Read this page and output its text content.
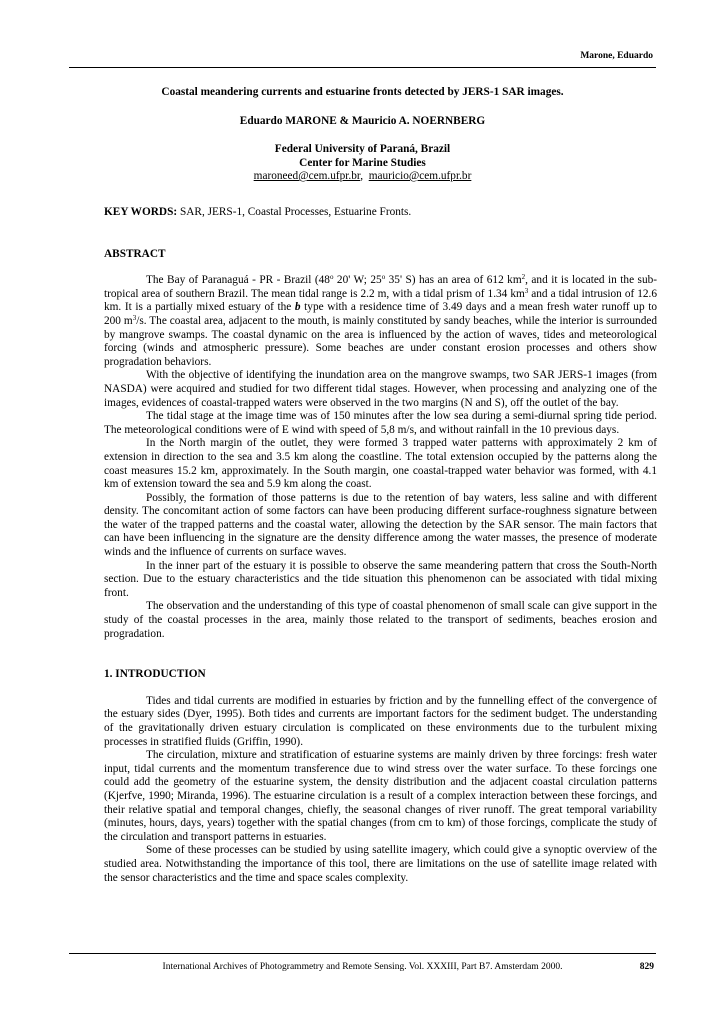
Marone, Eduardo
Coastal meandering currents and estuarine fronts detected by JERS-1 SAR images.
Eduardo MARONE & Mauricio A. NOERNBERG
Federal University of Paraná, Brazil
Center for Marine Studies
maroneed@cem.ufpr.br, mauricio@cem.ufpr.br

KEY WORDS: SAR, JERS-1, Coastal Processes, Estuarine Fronts.

ABSTRACT

The Bay of Paranaguá - PR - Brazil (48$^o$ 20' W; 25$^o$ 35' S) has an area of 612 $km^2$, and it is located in the sub-tropical area of southern Brazil. The mean tidal range is 2.2 m, with a tidal prism of 1.34 $km^3$ and a tidal intrusion of 12.6 km. It is a partially mixed estuary of the b type with a residence time of 3.49 days and a mean fresh water runoff up to 200 $m^3/s$. The coastal area, adjacent to the mouth, is mainly constituted by sandy beaches, while the interior is surrounded by mangrove swamps. The coastal dynamic on the area is influenced by the action of waves, tides and meteorological forcing (winds and atmospheric pressure). Some beaches are under constant erosion processes and others show progradation behaviors.

With the objective of identifying the inundation area on the mangrove swamps, two SAR JERS-1 images (from NASDA) were acquired and studied for two different tidal stages. However, when processing and analyzing one of the images, evidences of coastal-trapped waters were observed in the two margins (N and S), off the outlet of the bay.

The tidal stage at the image time was of 150 minutes after the low sea during a semi-diurnal spring tide period. The meteorological conditions were of E wind with speed of 5,8 m/s, and without rainfall in the 10 previous days.

In the North margin of the outlet, they were formed 3 trapped water patterns with approximately 2 km of extension in direction to the sea and 3.5 km along the coastline. The total extension occupied by the patterns along the coast measures 15.2 km, approximately. In the South margin, one coastal-trapped water behavior was formed, with 4.1 km of extension toward the sea and 5.9 km along the coast.

Possibly, the formation of those patterns is due to the retention of bay waters, less saline and with different density. The concomitant action of some factors can have been producing different surface-roughness signature between the water of the trapped patterns and the coastal water, allowing the detection by the SAR sensor. The main factors that can have been influencing in the signature are the density difference among the water masses, the presence of moderate winds and the influence of currents on surface waves.

In the inner part of the estuary it is possible to observe the same meandering pattern that cross the South-North section. Due to the estuary characteristics and the tide situation this phenomenon can be associated with tidal mixing front.

The observation and the understanding of this type of coastal phenomenon of small scale can give support in the study of the coastal processes in the area, mainly those related to the transport of sediments, beaches erosion and progradation.

1. INTRODUCTION

Tides and tidal currents are modified in estuaries by friction and by the funnelling effect of the convergence of the estuary sides (Dyer, 1995). Both tides and currents are important factors for the sediment budget. The understanding of the gravitationally driven estuary circulation is complicated on these environments due to the turbulent mixing processes in stratified fluids (Griffin, 1990).

The circulation, mixture and stratification of estuarine systems are mainly driven by three forcings: fresh water input, tidal currents and the momentum transference due to wind stress over the water surface. To these forcings one could add the geometry of the estuarine system, the density distribution and the adjacent coastal circulation patterns (Kjerfve, 1990; Miranda, 1996). The estuarine circulation is a result of a complex interaction between these forcings, and their relative spatial and temporal changes, chiefly, the seasonal changes of river runoff. The great temporal variability (minutes, hours, days, years) together with the spatial changes (from cm to km) of those forcings, complicate the study of the circulation and transport patterns in estuaries.

Some of these processes can be studied by using satellite imagery, which could give a synoptic overview of the studied area. Notwithstanding the importance of this tool, there are limitations on the use of satellite image related with the sensor characteristics and the time and space scales complexity.

International Archives of Photogrammetry and Remote Sensing. Vol. XXXIII, Part B7. Amsterdam 2000.	829
